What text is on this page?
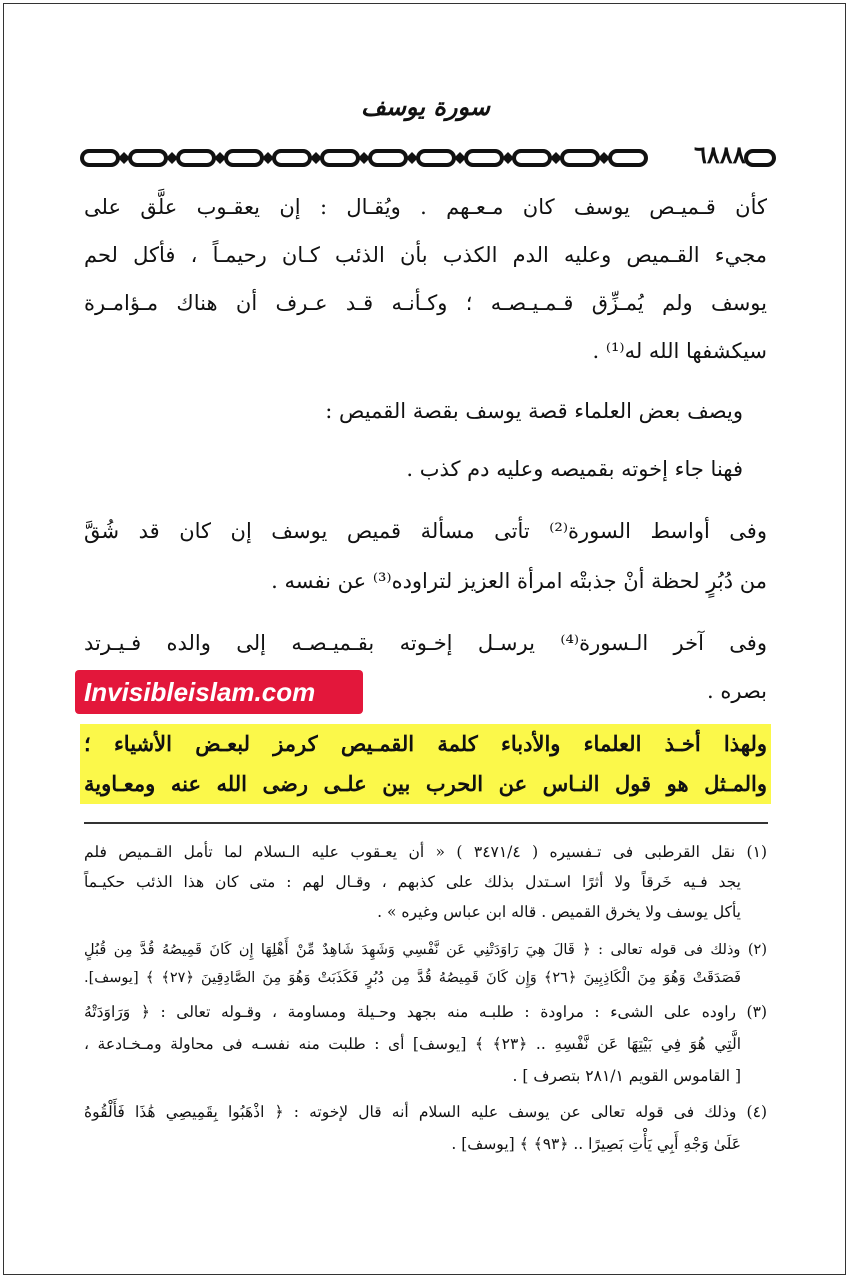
سورة يوسف
٦٨٨٨
كأن قـميـص يوسف كان مـعـهم . ويُقـال : إن يعقـوب علَّق على
مجيء القـميص وعليه الدم الكذب بأن الذئب كـان رحيمـاً ، فأكل لحم
يوسف ولم يُمـزِّق قـمـيـصـه ؛ وكـأنـه قـد عـرف أن هناك مـؤامـرة
سيكشفها الله له⁽¹⁾ .
ويصف بعض العلماء قصة يوسف بقصة القميص :
فهنا جاء إخوته بقميصه وعليه دم كذب .
وفى أواسط السورة⁽²⁾ تأتى مسألة قميص يوسف إن كان قد شُقَّ
من دُبُرٍ لحظة أنْ جذبتْه امرأة العزيز لتراوده⁽³⁾ عن نفسه .
وفى آخر الـسورة⁽⁴⁾ يرسـل إخـوته بقـميـصـه إلى والده فـيـرتد
بصره .
ولهذا أخـذ العلماء والأدباء كلمة القمـيص كرمز لبعـض الأشياء ؛
والمـثل هو قول النـاس عن الحرب بين علـى رضى الله عنه ومعـاوية
Invisibleislam.com
(١) نقل القرطبى فى تـفسيره ( ٣٤٧١/٤ ) « أن يعـقوب عليه الـسلام لما تأمل القـميص فلم
يجد فـيه خَرقاً ولا أثرًا اسـتدل بذلك على كذبهم ، وقـال لهم : متى كان هذا الذئب حكيـماً
يأكل يوسف ولا يخرق القميص . قاله ابن عباس وغيره » .
(٢) وذلك فى قوله تعالى : ﴿ قَالَ هِيَ رَاوَدَتْنِي عَن نَّفْسِي وَشَهِدَ شَاهِدٌ مِّنْ أَهْلِهَا إِن كَانَ قَمِيصُهُ قُدَّ مِن قُبُلٍ
فَصَدَقَتْ وَهُوَ مِنَ الْكَاذِبِينَ ﴿٢٦﴾ وَإِن كَانَ قَمِيصُهُ قُدَّ مِن دُبُرٍ فَكَذَبَتْ وَهُوَ مِنَ الصَّادِقِينَ ﴿٢٧﴾ ﴾ [يوسف].
(٣) راوده على الشىء : مراودة : طلبـه منه بجهد وحـيلة ومساومة ، وقـوله تعالى : ﴿ وَرَاوَدَتْهُ
الَّتِي هُوَ فِي بَيْتِهَا عَن نَّفْسِهِ .. ﴿٢٣﴾ ﴾ [يوسف] أى : طلبت منه نفسـه فى محاولة ومـخـادعة ،
[ القاموس القويم ٢٨١/١ بتصرف ] .
(٤) وذلك فى قوله تعالى عن يوسف عليه السلام أنه قال لإخوته : ﴿ اذْهَبُوا بِقَمِيصِي هَٰذَا فَأَلْقُوهُ
عَلَىٰ وَجْهِ أَبِي يَأْتِ بَصِيرًا .. ﴿٩٣﴾ ﴾ [يوسف] .
